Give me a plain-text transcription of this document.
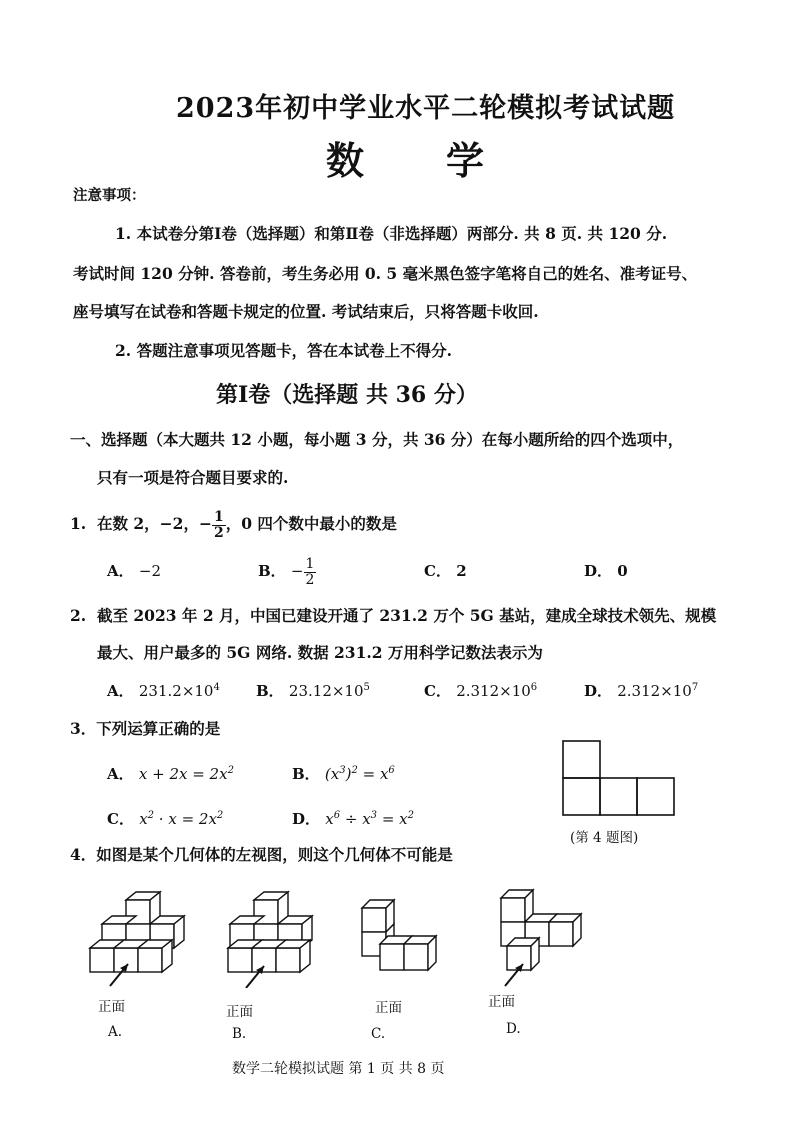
2023年初中学业水平二轮模拟考试试题
数 学
注意事项：
1. 本试卷分第Ⅰ卷（选择题）和第Ⅱ卷（非选择题）两部分. 共 8 页. 共 120 分.
考试时间 120 分钟. 答卷前，考生务必用 0. 5 毫米黑色签字笔将自己的姓名、准考证号、
座号填写在试卷和答题卡规定的位置. 考试结束后，只将答题卡收回.
2. 答题注意事项见答题卡，答在本试卷上不得分.
第Ⅰ卷（选择题 共 36 分）
一、选择题（本大题共 12 小题，每小题 3 分，共 36 分）在每小题所给的四个选项中，
只有一项是符合题目要求的.
1. 在数 2，−2，− $\frac{1}{2}$ ，0 四个数中最小的数是
A． −2	B． − $\frac{1}{2}$	C． 2	D． 0
2. 截至 2023 年 2 月，中国已建设开通了 231.2 万个 5G 基站，建成全球技术领先、规模
最大、用户最多的 5G 网络. 数据 231.2 万用科学记数法表示为
A． $231.2\times 10^4$ B． $23.12\times 10^5$	C． $2.312\times 10^6$	D． $2.312\times 10^7$
3．下列运算正确的是
A． $x + 2x = 2x^2$	B． $(x^3)^2 = x^6$
C． $x^2 \cdot x = 2x^2$	D． $x^6 \div x^3 = x^2$
(第 4 题图)
4．如图是某个几何体的左视图，则这个几何体不可能是
正面
A.
正面
B.
正面
C.
正面
D.
数学二轮模拟试题 第 1 页 共 8 页
